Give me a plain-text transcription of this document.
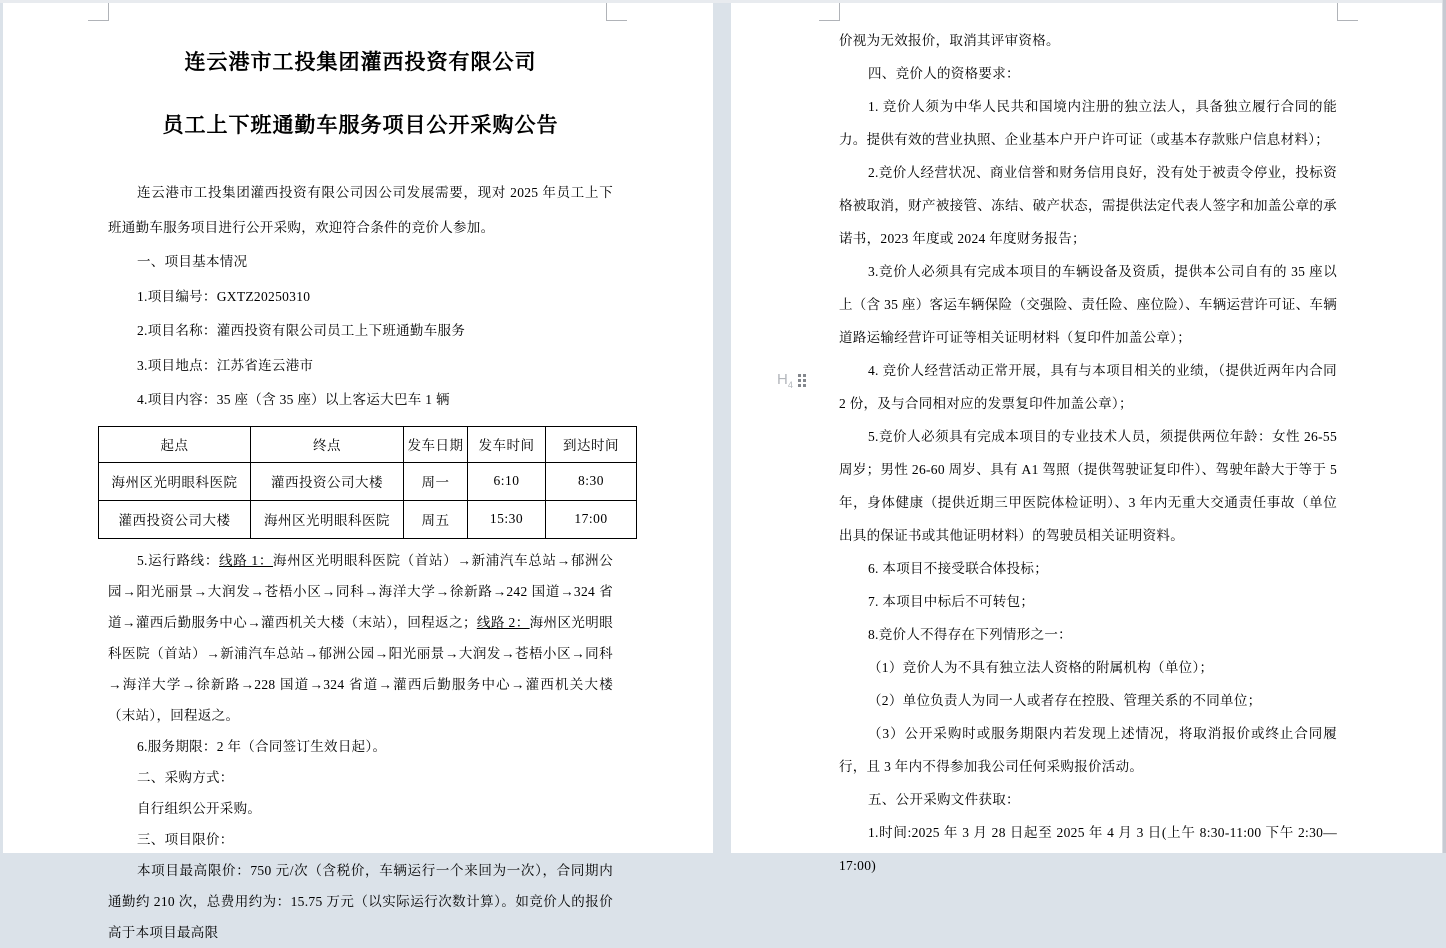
连云港市工投集团灌西投资有限公司
员工上下班通勤车服务项目公开采购公告

连云港市工投集团灌西投资有限公司因公司发展需要，现对 2025 年员工上下班通勤车服务项目进行公开采购，欢迎符合条件的竞价人参加。

一、项目基本情况

1.项目编号：GXTZ20250310

2.项目名称：灌西投资有限公司员工上下班通勤车服务

3.项目地点：江苏省连云港市

4.项目内容：35 座（含 35 座）以上客运大巴车 1 辆

起点	终点	发车日期	发车时间	到达时间
海州区光明眼科医院	灌西投资公司大楼	周一	6:10	8:30
灌西投资公司大楼	海州区光明眼科医院	周五	15:30	17:00

5.运行路线：线路 1：海州区光明眼科医院（首站）→新浦汽车总站→郁洲公园→阳光丽景→大润发→苍梧小区→同科→海洋大学→徐新路→242 国道→324 省道→灌西后勤服务中心→灌西机关大楼（末站），回程返之；线路 2：海州区光明眼科医院（首站）→新浦汽车总站→郁洲公园→阳光丽景→大润发→苍梧小区→同科→海洋大学→徐新路→228 国道→324 省道→灌西后勤服务中心→灌西机关大楼（末站），回程返之。

6.服务期限：2 年（合同签订生效日起）。

二、采购方式：

自行组织公开采购。

三、项目限价：

本项目最高限价：750 元/次（含税价，车辆运行一个来回为一次），合同期内通勤约 210 次，总费用约为：15.75 万元（以实际运行次数计算）。如竞价人的报价高于本项目最高限

$H_4$

价视为无效报价，取消其评审资格。

四、竞价人的资格要求：

1. 竞价人须为中华人民共和国境内注册的独立法人，具备独立履行合同的能力。提供有效的营业执照、企业基本户开户许可证（或基本存款账户信息材料）；

2.竞价人经营状况、商业信誉和财务信用良好，没有处于被责令停业，投标资格被取消，财产被接管、冻结、破产状态，需提供法定代表人签字和加盖公章的承诺书，2023 年度或 2024 年度财务报告；

3.竞价人必须具有完成本项目的车辆设备及资质，提供本公司自有的 35 座以上（含 35 座）客运车辆保险（交强险、责任险、座位险）、车辆运营许可证、车辆道路运输经营许可证等相关证明材料（复印件加盖公章）；

4. 竞价人经营活动正常开展，具有与本项目相关的业绩，（提供近两年内合同 2 份，及与合同相对应的发票复印件加盖公章）；

5.竞价人必须具有完成本项目的专业技术人员，须提供两位年龄：女性 26-55 周岁；男性 26-60 周岁、具有 A1 驾照（提供驾驶证复印件）、驾驶年龄大于等于 5 年，身体健康（提供近期三甲医院体检证明）、3 年内无重大交通责任事故（单位出具的保证书或其他证明材料）的驾驶员相关证明资料。

6. 本项目不接受联合体投标；

7. 本项目中标后不可转包；

8.竞价人不得存在下列情形之一：

（1）竞价人为不具有独立法人资格的附属机构（单位）；

（2）单位负责人为同一人或者存在控股、管理关系的不同单位；

（3）公开采购时或服务期限内若发现上述情况，将取消报价或终止合同履行，且 3 年内不得参加我公司任何采购报价活动。

五、公开采购文件获取：

1.时间:2025 年 3 月 28 日起至 2025 年 4 月 3 日(上午 8:30-11:00 下午 2:30—17:00)
